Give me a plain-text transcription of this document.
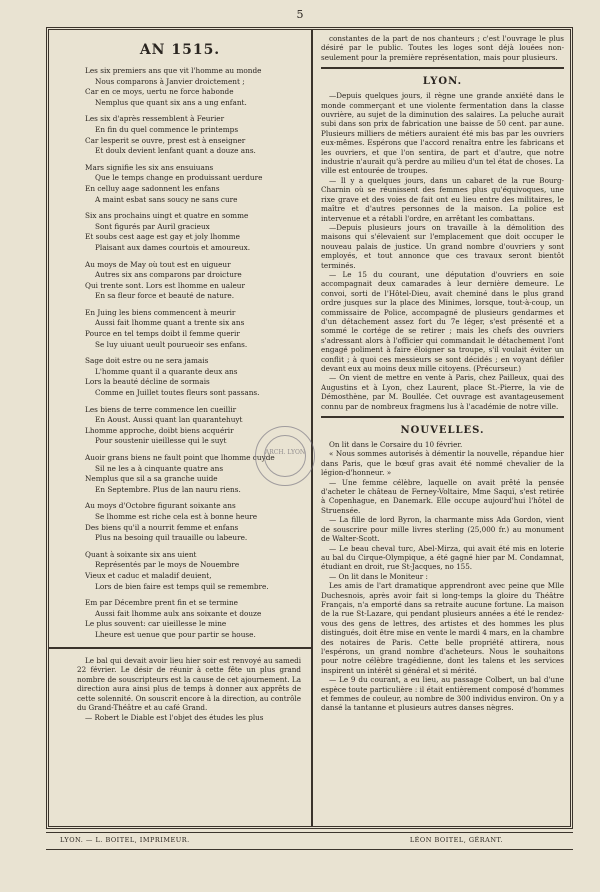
5
AN 1515.
Les six premiers ans que vit l'homme au monde
Nous comparons à Janvier droictement ;
Car en ce moys, uertu ne force habonde
Nemplus que quant six ans a ung enfant.
Les six d'après ressemblent à Feurier
En fin du quel commence le printemps
Car lesperit se ouvre, prest est à enseigner
Et doulx devient lenfant quant a douze ans.
Mars signifie les six ans ensuiuans
Que le temps change en produissant uerdure
En celluy aage sadonnent les enfans
A maint esbat sans soucy ne sans cure
Six ans prochains uingt et quatre en somme
Sont figurés par Auril gracieux
Et soubs cest aage est gay et joly lhomme
Plaisant aux dames courtois et amoureux.
Au moys de May où tout est en uigueur
Autres six ans comparons par droicture
Qui trente sont. Lors est lhomme en ualeur
En sa fleur force et beauté de nature.
En Juing les biens commencent à meurir
Aussi fait lhomme quant a trente six ans
Pource en tel temps doibt il femme querir
Se luy uiuant ueult pourueoir ses enfans.
Sage doit estre ou ne sera jamais
L'homme quant il a quarante deux ans
Lors la beauté décline de sormais
Comme en Juillet toutes fleurs sont passans.
Les biens de terre commence len cueillir
En Aoust. Aussi quant lan quarantehuyt
Lhomme approche, doibt biens acquérir
Pour soustenir uieillesse qui le suyt
Auoir grans biens ne fault point que lhomme cuyde
Sil ne les a à cinquante quatre ans
Nemplus que sil a sa granche uuide
En Septembre. Plus de lan nauru riens.
Au moys d'Octobre figurant soixante ans
Se lhomme est riche cela est à bonne heure
Des biens qu'il a nourrit femme et enfans
Plus na besoing quil trauaille ou labeure.
Quant à soixante six ans uient
Représentés par le moys de Nouembre
Vieux et caduc et maladif deuient,
Lors de bien faire est temps quil se remembre.
Em par Décembre prent fin et se termine
Aussi fait lhomme aulx ans soixante et douze
Le plus souvent: car uieillesse le mine
Lheure est uenue que pour partir se house.

Le bal qui devait avoir lieu hier soir est renvoyé au samedi 22 février. Le désir de réunir à cette fête un plus grand nombre de souscripteurs est la cause de cet ajournement. La direction aura ainsi plus de temps à donner aux apprêts de cette solennité. On souscrit encore à la direction, au contrôle du Grand-Théâtre et au café Grand.

— Robert le Diable est l'objet des études les plus

constantes de la part de nos chanteurs ; c'est l'ouvrage le plus désiré par le public. Toutes les loges sont déjà louées non-seulement pour la première représentation, mais pour plusieurs.

LYON.

—Depuis quelques jours, il règne une grande anxiété dans le monde commerçant et une violente fermentation dans la classe ouvrière, au sujet de la diminution des salaires. La peluche aurait subi dans son prix de fabrication une baisse de 50 cent. par aune. Plusieurs milliers de métiers auraient été mis bas par les ouvriers eux-mêmes. Espérons que l'accord renaîtra entre les fabricans et les ouvriers, et que l'on sentira, de part et d'autre, que notre industrie n'aurait qu'à perdre au milieu d'un tel état de choses. La ville est entourée de troupes.

— Il y a quelques jours, dans un cabaret de la rue Bourg-Charnin où se réunissent des femmes plus qu'équivoques, une rixe grave et des voies de fait ont eu lieu entre des militaires, le maître et d'autres personnes de la maison. La police est intervenue et a rétabli l'ordre, en arrêtant les combattans.

—Depuis plusieurs jours on travaille à la démolition des maisons qui s'élevaient sur l'emplacement que doit occuper le nouveau palais de justice. Un grand nombre d'ouvriers y sont employés, et tout annonce que ces travaux seront bientôt terminés.

— Le 15 du courant, une députation d'ouvriers en soie accompagnait deux camarades à leur dernière demeure. Le convoi, sorti de l'Hôtel-Dieu, avait cheminé dans le plus grand ordre jusques sur la place des Minimes, lorsque, tout-à-coup, un commissaire de Police, accompagné de plusieurs gendarmes et d'un détachement assez fort du 7e léger, s'est présenté et a sommé le cortége de se retirer ; mais les chefs des ouvriers s'adressant alors à l'officier qui commandait le détachement l'ont engagé poliment à faire éloigner sa troupe, s'il voulait éviter un conflit ; à quoi ces messieurs se sont décidés ; en voyant défiler devant eux au moins deux mille citoyens. (Précurseur.)

— On vient de mettre en vente à Paris, chez Pailleux, quai des Augustins et à Lyon, chez Laurent, place St.-Pierre, la vie de Démosthène, par M. Boullée. Cet ouvrage est avantageusement connu par de nombreux fragmens lus à l'académie de notre ville.

NOUVELLES.

On lit dans le Corsaire du 10 février.

« Nous sommes autorisés à démentir la nouvelle, répandue hier dans Paris, que le bœuf gras avait été nommé chevalier de la légion-d'honneur. »

— Une femme célèbre, laquelle on avait prêté la pensée d'acheter le château de Ferney-Voltaire, Mme Saqui, s'est retirée à Copenhague, en Danemark. Elle occupe aujourd'hui l'hôtel de Struensée.

— La fille de lord Byron, la charmante miss Ada Gordon, vient de souscrire pour mille livres sterling (25,000 fr.) au monument de Walter-Scott.

— Le beau cheval turc, Abel-Mirza, qui avait été mis en loterie au bal du Cirque-Olympique, a été gagné hier par M. Condamnat, étudiant en droit, rue St-Jacques, no 155.

— On lit dans le Moniteur :

Les amis de l'art dramatique apprendront avec peine que Mlle Duchesnois, après avoir fait si long-temps la gloire du Théâtre Français, n'a emporté dans sa retraite aucune fortune. La maison de la rue St-Lazare, qui pendant plusieurs années a été le rendez-vous des gens de lettres, des artistes et des hommes les plus distingués, doit être mise en vente le mardi 4 mars, en la chambre des notaires de Paris. Cette belle propriété attirera, nous l'espérons, un grand nombre d'acheteurs. Nous le souhaitons pour notre célèbre tragédienne, dont les talens et les services inspirent un intérêt si général et si mérité.

— Le 9 du courant, a eu lieu, au passage Colbert, un bal d'une espèce toute particulière : il était entièrement composé d'hommes et femmes de couleur, au nombre de 300 individus environ. On y a dansé la tantanne et plusieurs autres danses nègres.

ARCH. LYON
LYON. — L. BOITEL, IMPRIMEUR.	LÉON BOITEL, GÉRANT.
